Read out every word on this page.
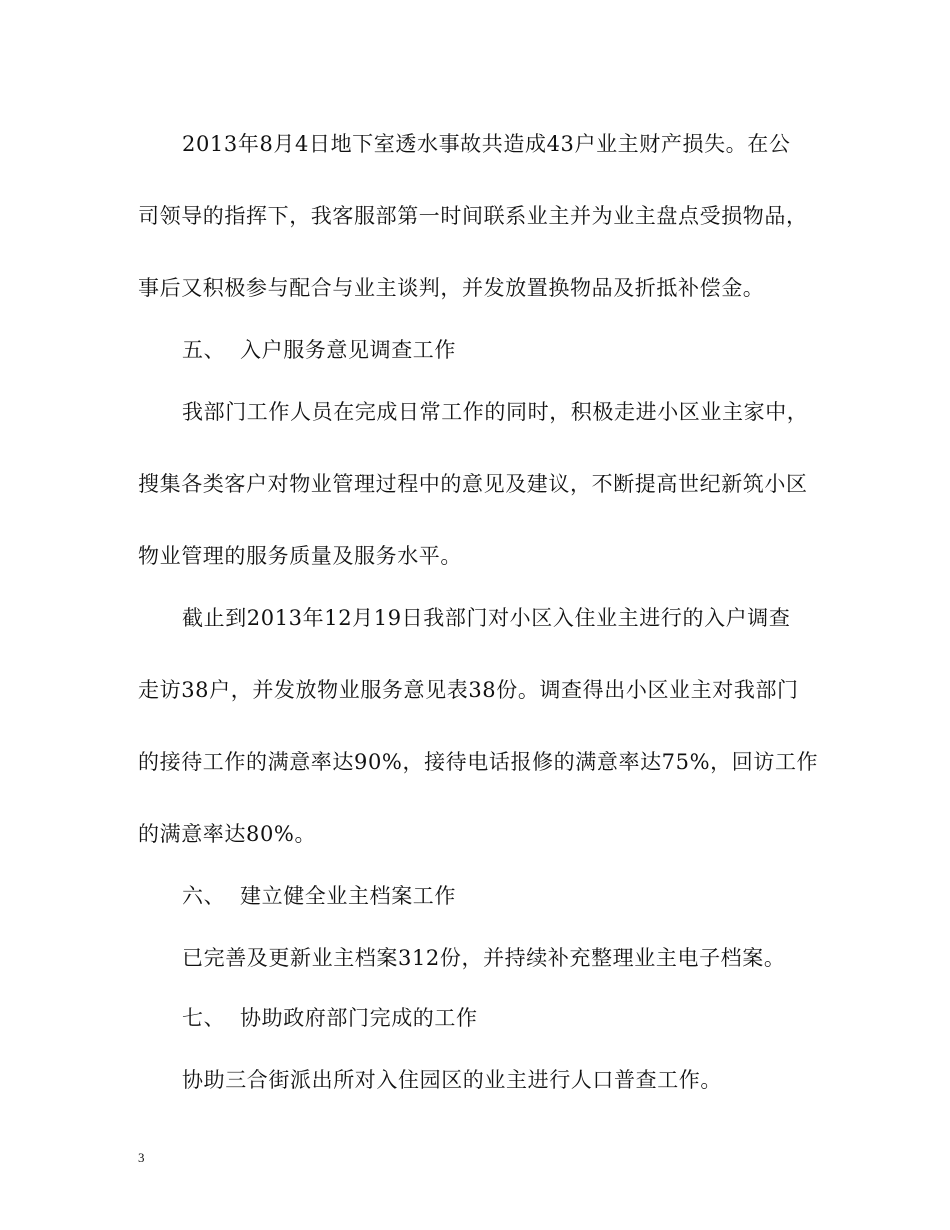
2013年8月4日地下室透水事故共造成43户业主财产损失。在公
司领导的指挥下，我客服部第一时间联系业主并为业主盘点受损物品，
事后又积极参与配合与业主谈判，并发放置换物品及折抵补偿金。
五、 入户服务意见调查工作
我部门工作人员在完成日常工作的同时，积极走进小区业主家中，
搜集各类客户对物业管理过程中的意见及建议，不断提高世纪新筑小区
物业管理的服务质量及服务水平。
截止到2013年12月19日我部门对小区入住业主进行的入户调查
走访38户，并发放物业服务意见表38份。调查得出小区业主对我部门
的接待工作的满意率达90%，接待电话报修的满意率达75%，回访工作
的满意率达80%。
六、 建立健全业主档案工作
已完善及更新业主档案312份，并持续补充整理业主电子档案。
七、 协助政府部门完成的工作
协助三合街派出所对入住园区的业主进行人口普查工作。
3
